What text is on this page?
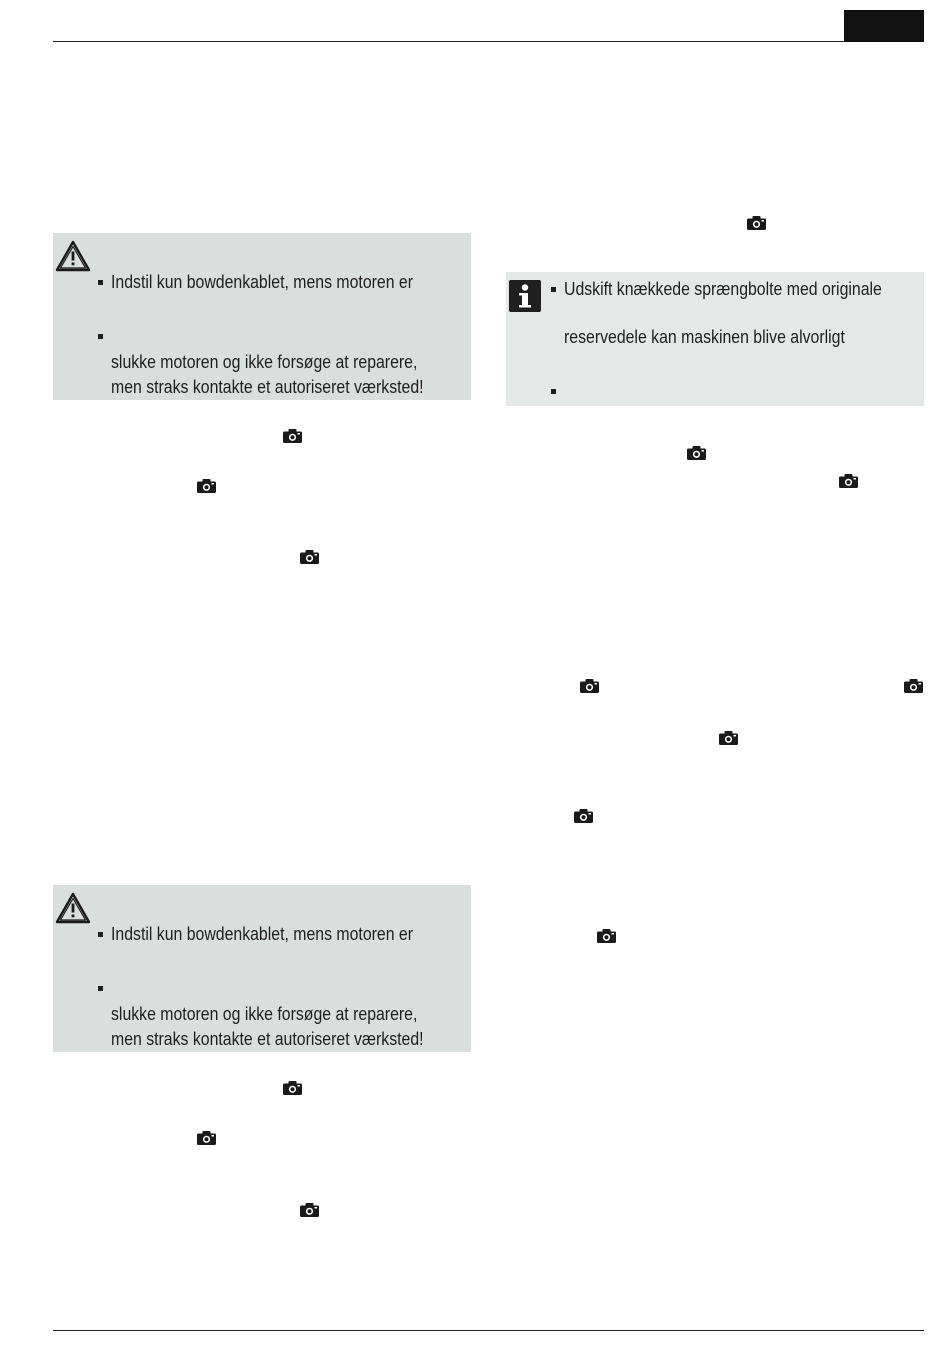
Indstil kun bowdenkablet, mens motoren er
slukke motoren og ikke forsøge at reparere,
men straks kontakte et autoriseret værksted!
Indstil kun bowdenkablet, mens motoren er
slukke motoren og ikke forsøge at reparere,
men straks kontakte et autoriseret værksted!
Udskift knækkede sprængbolte med originale
reservedele kan maskinen blive alvorligt
